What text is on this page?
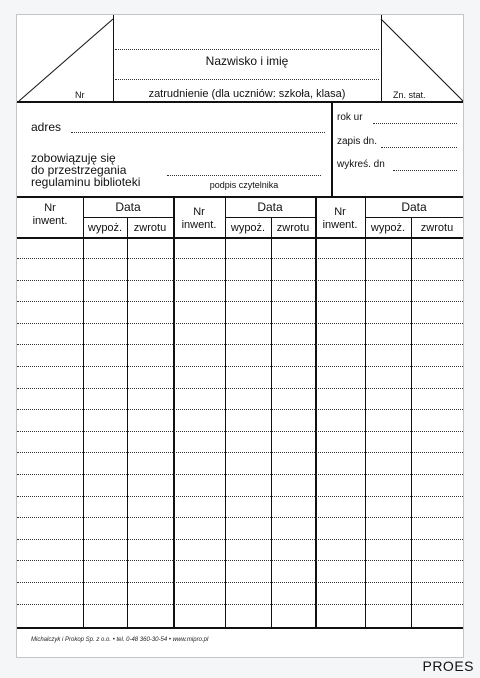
Nazwisko i imię
Nr	zatrudnienie (dla uczniów: szkoła, klasa)	Zn. stat.
adres
zobowiązuję się
do przestrzegania
regulaminu biblioteki	podpis czytelnika
rok ur
zapis dn.
wykreś. dn
Nr
inwent.
Data
wypoż.	zwrotu
Nr
inwent.
Data
wypoż.	zwrotu
Nr
inwent.
Data
wypoż.	zwrotu
Michalczyk i Prokop Sp. z o.o. • tel. 0-48 360-30-54 • www.mipro.pl
PROES
